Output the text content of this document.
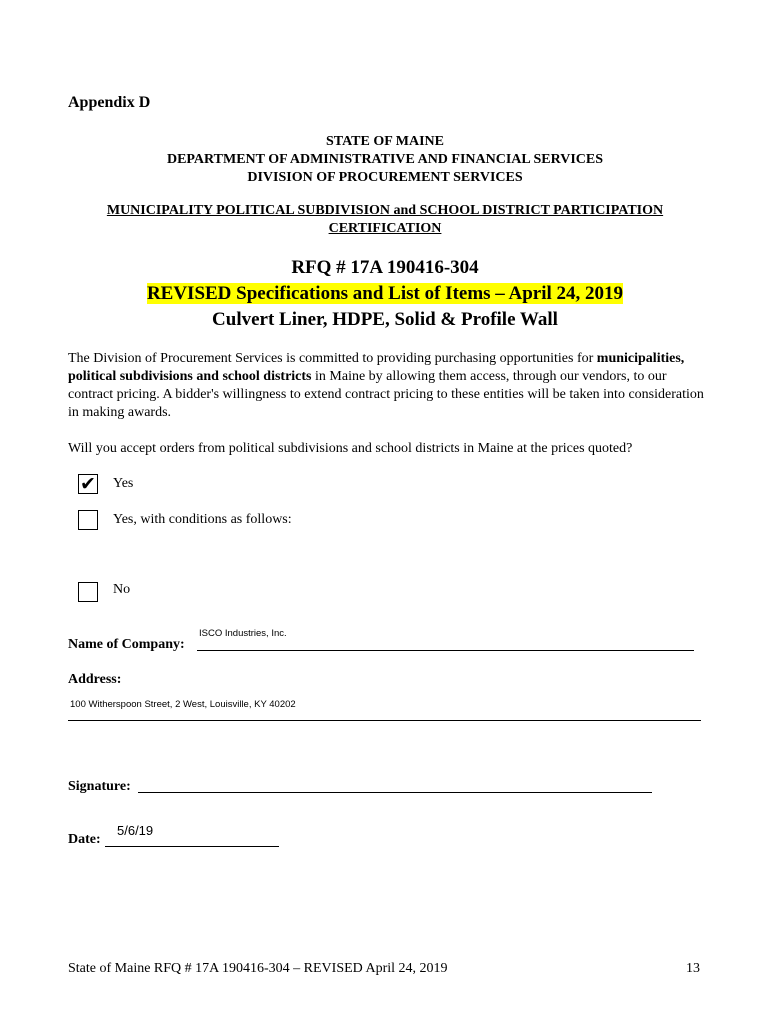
Appendix D
STATE OF MAINE
DEPARTMENT OF ADMINISTRATIVE AND FINANCIAL SERVICES
DIVISION OF PROCUREMENT SERVICES
MUNICIPALITY POLITICAL SUBDIVISION and SCHOOL DISTRICT PARTICIPATION
CERTIFICATION
RFQ # 17A 190416-304
REVISED Specifications and List of Items – April 24, 2019
Culvert Liner, HDPE, Solid & Profile Wall
The Division of Procurement Services is committed to providing purchasing opportunities for municipalities, political subdivisions and school districts in Maine by allowing them access, through our vendors, to our contract pricing. A bidder's willingness to extend contract pricing to these entities will be taken into consideration in making awards.
Will you accept orders from political subdivisions and school districts in Maine at the prices quoted?
✔ Yes
Yes, with conditions as follows:
No
ISCO Industries, Inc.
Name of Company:
Address:
100 Witherspoon Street, 2 West, Louisville, KY 40202
Signature:
5/6/19
Date:
State of Maine RFQ # 17A 190416-304 – REVISED April 24, 2019	13
